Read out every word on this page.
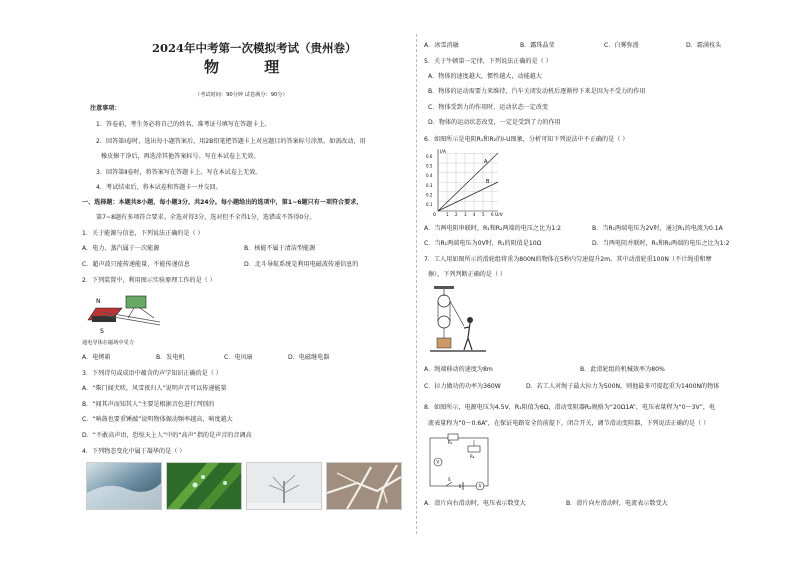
2024年中考第一次模拟考试（贵州卷）
物 理
（考试时间：90分钟 试卷满分：90分）
注意事项：
1．答卷前，考生务必将自己的姓名、准考证号填写在答题卡上。
2．回答第Ⅰ卷时，选出每小题答案后，用2B铅笔把答题卡上对应题目的答案标号涂黑。如需改动，用
橡皮擦干净后，再选涂其他答案标号。写在本试卷上无效。
3．回答第Ⅱ卷时，将答案写在答题卡上。写在本试卷上无效。
4．考试结束后，将本试卷和答题卡一并交回。
一、选择题：本题共8小题，每小题3分，共24分。每小题给出的选项中，第1~6题只有一项符合要求，
第7~8题有多项符合要求。全选对得3分，选对但不全得1分，选错或不答得0分。
1．关于能源与信息，下列说法正确的是（ ）
A．电力、蒸汽属于一次能源	B．核能不属于清洁型能源
C．超声波只能传递能量，不能传递信息	D．北斗导航系统是利用电磁波传递信息的
2．下列装置中，利用图示实验原理工作的是（ ）
N
S
通电导体在磁场中受力
A．电烤箱	B．发电机	C．电风扇	D．电磁继电器
3．下列诗句或成语中蕴含的声学知识正确的是（ ）
A．“柴门闻犬吠，风雪夜归人”说明声音可以传递能量
B．“闻其声而知其人”主要是根据音色进行判别的
C．“响鼓也要重锤敲”说明物体振动频率越高，响度越大
D．“不敢高声语，恐惊天上人”中的“高声”指的是声音的音调高
4．下列物态变化中属于凝华的是（ ）
A．冰雪消融	B．露珠晶莹	C．白雾弥漫	D．霜满枝头
5．关于牛顿第一定律，下列说法正确的是（ ）
A．物体的速度越大，惯性越大，动能越大
B．物体的运动需要力来维持，汽车关闭发动机后逐渐停下来是因为不受力的作用
C．物体受到力的作用时，运动状态一定改变
D．物体的运动状态改变，一定是受到了力的作用
6．如图所示是电阻R₁和R₂的I-U图象，分析可知下列说法中不正确的是（ ）
A
B
I/A
U/V
0
0.6
0.5
0.4
0.3
0.2
0.1
1 2 3 4 5 6
A．当两电阻串联时，R₁和R₂两端的电压之比为1:2	B．当R₁两端电压为2V时，通过R₁的电流为0.1A
C．当R₁两端电压为0V时，R₁的阻值是10Ω	D．当两电阻并联时，R₁和R₂两端的电压之比为1:2
7．工人用如图所示的滑轮组将重为800N的物体在5秒内匀速提升2m，其中动滑轮重100N（不计绳重和摩
擦），下列判断正确的是（ ）
A．绳端移动的速度为8m	B．此滑轮组的机械效率为80%
C．拉力做功的功率为360W	D．若工人对绳子最大拉力为500N，则他最多可提起重为1400N的物体
8．如图所示，电源电压为4.5V，R₁阻值为6Ω，滑动变阻器R₂规格为“20Ω1A”，电压表量程为“0～3V”，电
流表量程为“0～0.6A”，在保证电路安全的前提下，闭合开关，调节滑动变阻器，下列说法正确的是（ ）
R₁
R₂
V
A
S
A．滑片向右滑动时，电压表示数变大	B．滑片向左滑动时，电流表示数变大
